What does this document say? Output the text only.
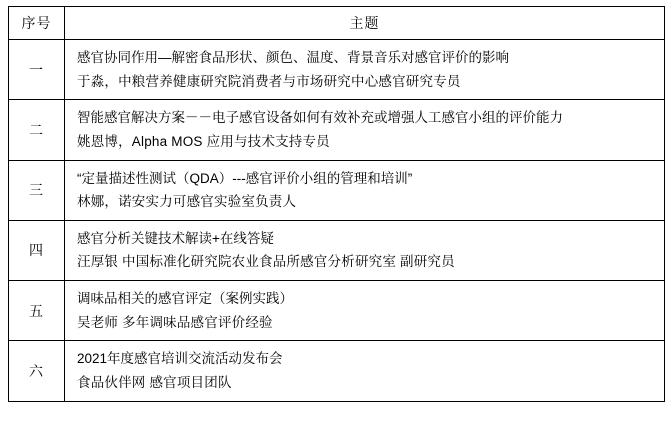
序号	主题
一	感官协同作用—解密食品形状、颜色、温度、背景音乐对感官评价的影响
于淼，中粮营养健康研究院消费者与市场研究中心感官研究专员

二	智能感官解决方案－－电子感官设备如何有效补充或增强人工感官小组的评价能力
姚恩博，Alpha MOS 应用与技术支持专员

三	“定量描述性测试（QDA）---感官评价小组的管理和培训”
林娜，诺安实力可感官实验室负责人

四	感官分析关键技术解读+在线答疑
汪厚银 中国标准化研究院农业食品所感官分析研究室 副研究员

五	调味品相关的感官评定（案例实践）
吴老师 多年调味品感官评价经验

六	2021年度感官培训交流活动发布会
食品伙伴网 感官项目团队
